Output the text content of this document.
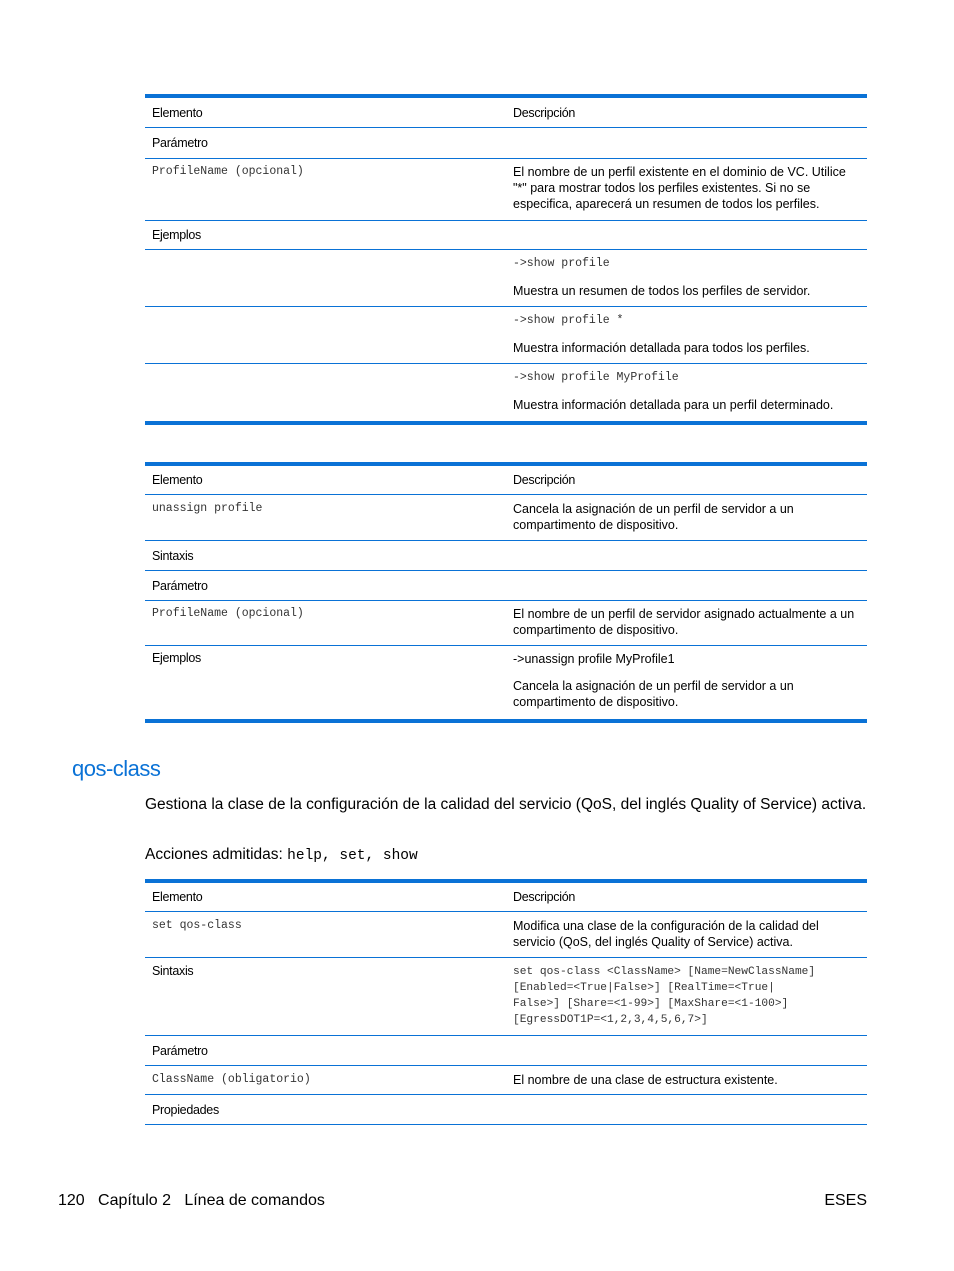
Elemento	Descripción
Parámetro
ProfileName (opcional)	El nombre de un perfil existente en el dominio de VC. Utilice "*" para mostrar todos los perfiles existentes. Si no se especifica, aparecerá un resumen de todos los perfiles.
Ejemplos
->show profile
Muestra un resumen de todos los perfiles de servidor.
->show profile *
Muestra información detallada para todos los perfiles.
->show profile MyProfile
Muestra información detallada para un perfil determinado.
Elemento	Descripción
unassign profile	Cancela la asignación de un perfil de servidor a un compartimento de dispositivo.
Sintaxis
Parámetro
ProfileName (opcional)	El nombre de un perfil de servidor asignado actualmente a un compartimento de dispositivo.
Ejemplos	->unassign profile MyProfile1
Cancela la asignación de un perfil de servidor a un compartimento de dispositivo.
qos-class
Gestiona la clase de la configuración de la calidad del servicio (QoS, del inglés Quality of Service) activa.
Acciones admitidas: help, set, show
Elemento	Descripción
set qos-class	Modifica una clase de la configuración de la calidad del servicio (QoS, del inglés Quality of Service) activa.
Sintaxis	set qos-class <ClassName> [Name=NewClassName]
[Enabled=<True|False>] [RealTime=<True|
False>] [Share=<1-99>] [MaxShare=<1-100>]
[EgressDOT1P=<1,2,3,4,5,6,7>]
Parámetro
ClassName (obligatorio)	El nombre de una clase de estructura existente.
Propiedades
120 Capítulo 2 Línea de comandos	ESES
